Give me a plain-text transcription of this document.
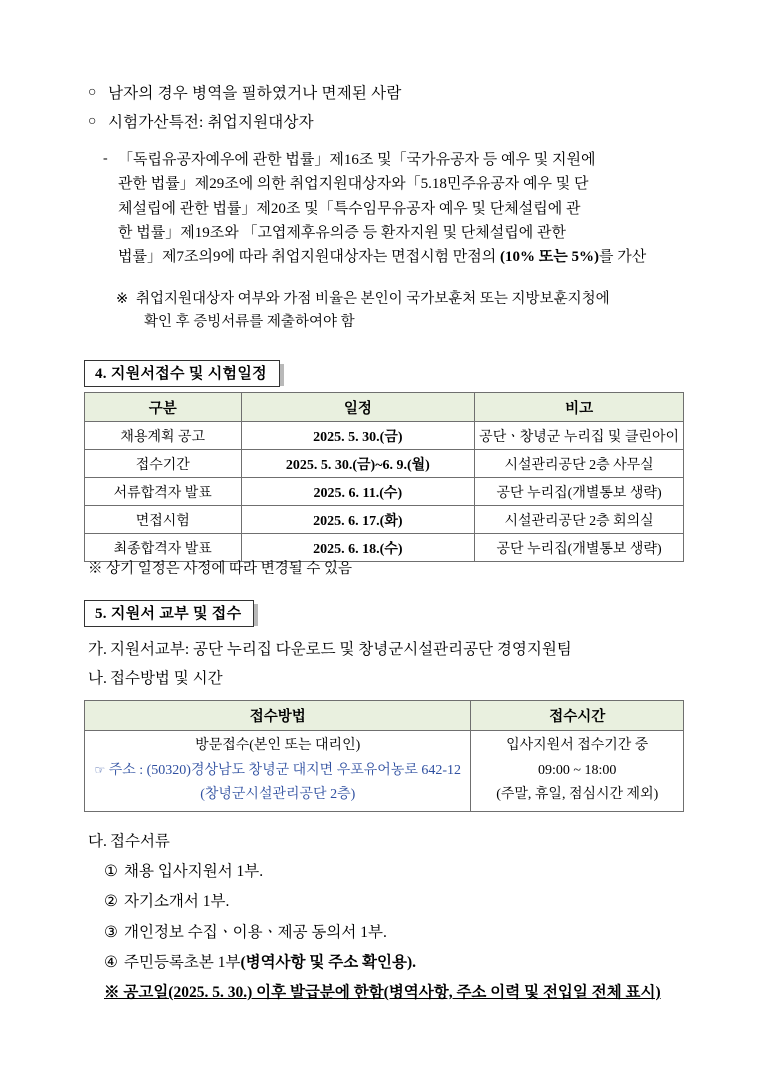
○ 남자의 경우 병역을 필하였거나 면제된 사람
○ 시험가산특전: 취업지원대상자
- 「독립유공자예우에 관한 법률」제16조 및「국가유공자 등 예우 및 지원에
관한 법률」제29조에 의한 취업지원대상자와「5.18민주유공자 예우 및 단
체설립에 관한 법률」제20조 및「특수임무유공자 예우 및 단체설립에 관
한 법률」제19조와 「고엽제후유의증 등 환자지원 및 단체설립에 관한
법률」제7조의9에 따라 취업지원대상자는 면접시험 만점의 (10% 또는 5%)를 가산
※ 취업지원대상자 여부와 가점 비율은 본인이 국가보훈처 또는 지방보훈지청에
확인 후 증빙서류를 제출하여야 함
4. 지원서접수 및 시험일정
구분	일정	비고
채용계획 공고	2025. 5. 30.(금)	공단ㆍ창녕군 누리집 및 클린아이
접수기간	2025. 5. 30.(금)~6. 9.(월)	시설관리공단 2층 사무실
서류합격자 발표	2025. 6. 11.(수)	공단 누리집(개별통보 생략)
면접시험	2025. 6. 17.(화)	시설관리공단 2층 회의실
최종합격자 발표	2025. 6. 18.(수)	공단 누리집(개별통보 생략)
※ 상기 일정은 사정에 따라 변경될 수 있음
5. 지원서 교부 및 접수
가. 지원서교부: 공단 누리집 다운로드 및 창녕군시설관리공단 경영지원팀
나. 접수방법 및 시간
접수방법	접수시간

방문접수(본인 또는 대리인)
☞ 주소 : (50320)경상남도 창녕군 대지면 우포유어농로 642-12
(창녕군시설관리공단 2층)

입사지원서 접수기간 중
09:00 ~ 18:00
(주말, 휴일, 점심시간 제외)
다. 접수서류
① 채용 입사지원서 1부.
② 자기소개서 1부.
③ 개인정보 수집ㆍ이용ㆍ제공 동의서 1부.
④ 주민등록초본 1부(병역사항 및 주소 확인용).
※ 공고일(2025. 5. 30.) 이후 발급분에 한함(병역사항, 주소 이력 및 전입일 전체 표시)
